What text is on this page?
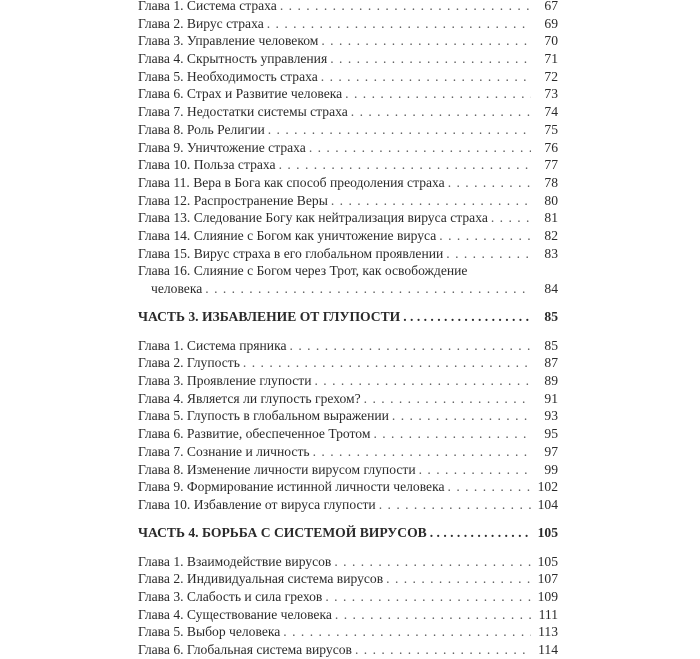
Глава 1. Система страха . . .	67
Глава 2. Вирус страха . . .	69
Глава 3. Управление человеком . . .	70
Глава 4. Скрытность управления . . .	71
Глава 5. Необходимость страха . . .	72
Глава 6. Страх и Развитие человека . . .	73
Глава 7. Недостатки системы страха . . .	74
Глава 8. Роль Религии . . .	75
Глава 9. Уничтожение страха . . .	76
Глава 10. Польза страха . . .	77
Глава 11. Вера в Бога как способ преодоления страха . . .	78
Глава 12. Распространение Веры . . .	80
Глава 13. Следование Богу как нейтрализация вируса страха . . .	81
Глава 14. Слияние с Богом как уничтожение вируса . . .	82
Глава 15. Вирус страха в его глобальном проявлении . . .	83
Глава 16. Слияние с Богом через Трот, как освобождение
человека . . .	84
ЧАСТЬ 3. ИЗБАВЛЕНИЕ ОТ ГЛУПОСТИ . . .	85
Глава 1. Система пряника . . .	85
Глава 2. Глупость . . .	87
Глава 3. Проявление глупости . . .	89
Глава 4. Является ли глупость грехом? . . .	91
Глава 5. Глупость в глобальном выражении . . .	93
Глава 6. Развитие, обеспеченное Тротом . . .	95
Глава 7. Сознание и личность . . .	97
Глава 8. Изменение личности вирусом глупости . . .	99
Глава 9. Формирование истинной личности человека . . .	102
Глава 10. Избавление от вируса глупости . . .	104
ЧАСТЬ 4. БОРЬБА С СИСТЕМОЙ ВИРУСОВ . . .	105
Глава 1. Взаимодействие вирусов . . .	105
Глава 2. Индивидуальная система вирусов . . .	107
Глава 3. Слабость и сила грехов . . .	109
Глава 4. Существование человека . . .	111
Глава 5. Выбор человека . . .	113
Глава 6. Глобальная система вирусов . . .	114
